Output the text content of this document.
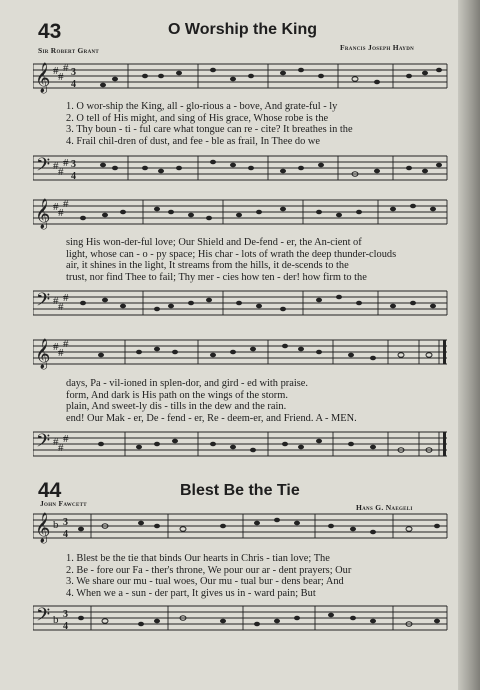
43	O Worship the King
Sir Robert Grant	Francis Joseph Haydn
𝄞 # #
# 3
4
1. O wor-ship the King, all - glo-rious a - bove, And grate-ful - ly
2. O tell of His might, and sing of His grace, Whose robe is the
3. Thy boun - ti - ful care what tongue can re - cite? It breathes in the
4. Frail chil-dren of dust, and fee - ble as frail, In Thee do we
𝄢 # #
# 3
4
𝄞 # #
#
sing His won-der-ful love; Our Shield and De-fend - er, the An-cient of
light, whose can - o - py space; His char - lots of wrath the deep thunder-clouds
air, it shines in the light, It streams from the hills, it de-scends to the
trust, nor find Thee to fail; Thy mer - cies how ten - der! how firm to the
𝄢 # #
#
𝄞 # #
#
days, Pa - vil-ioned in splen-dor, and gird - ed with praise.
form, And dark is His path on the wings of the storm.
plain, And sweet-ly dis - tills in the dew and the rain.
end! Our Mak - er, De - fend - er, Re - deem-er, and Friend. A - MEN.
𝄢 # #
#
44	Blest Be the Tie
John Fawcett	Hans G. Naegeli
𝄞 b 3
4
1. Blest be the tie that binds Our hearts in Chris - tian love; The
2. Be - fore our Fa - ther's throne, We pour our ar - dent prayers; Our
3. We share our mu - tual woes, Our mu - tual bur - dens bear; And
4. When we a - sun - der part, It gives us in - ward pain; But
𝄢 b 3
4
